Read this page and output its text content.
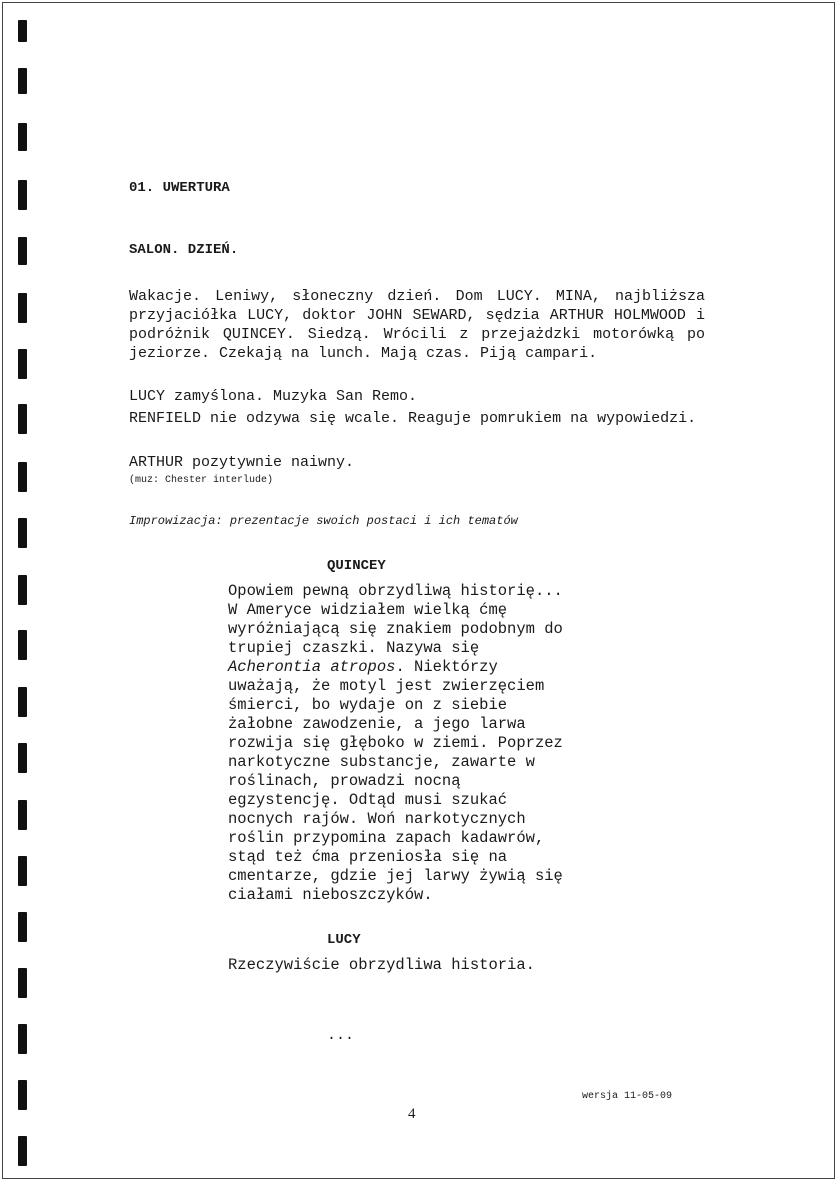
01. UWERTURA

SALON. DZIEŃ.

Wakacje. Leniwy, słoneczny dzień. Dom LUCY. MINA, najbliższa przyjaciółka LUCY, doktor JOHN SEWARD, sędzia ARTHUR HOLMWOOD i podróżnik QUINCEY. Siedzą. Wrócili z przejażdzki motorówką po jeziorze. Czekają na lunch. Mają czas. Piją campari.

LUCY zamyślona. Muzyka San Remo.

RENFIELD nie odzywa się wcale. Reaguje pomrukiem na wypowiedzi.

ARTHUR pozytywnie naiwny.

(muz: Chester interlude)

Improwizacja: prezentacje swoich postaci i ich tematów

QUINCEY

Opowiem pewną obrzydliwą historię...
W Ameryce widziałem wielką ćmę
wyróżniającą się znakiem podobnym do
trupiej czaszki. Nazywa się
Acherontia atropos. Niektórzy
uważają, że motyl jest zwierzęciem
śmierci, bo wydaje on z siebie
żałobne zawodzenie, a jego larwa
rozwija się głęboko w ziemi. Poprzez
narkotyczne substancje, zawarte w
roślinach, prowadzi nocną
egzystencję. Odtąd musi szukać
nocnych rajów. Woń narkotycznych
roślin przypomina zapach kadawrów,
stąd też ćma przeniosła się na
cmentarze, gdzie jej larwy żywią się
ciałami nieboszczyków.

LUCY

Rzeczywiście obrzydliwa historia.

...

wersja 11-05-09

4
